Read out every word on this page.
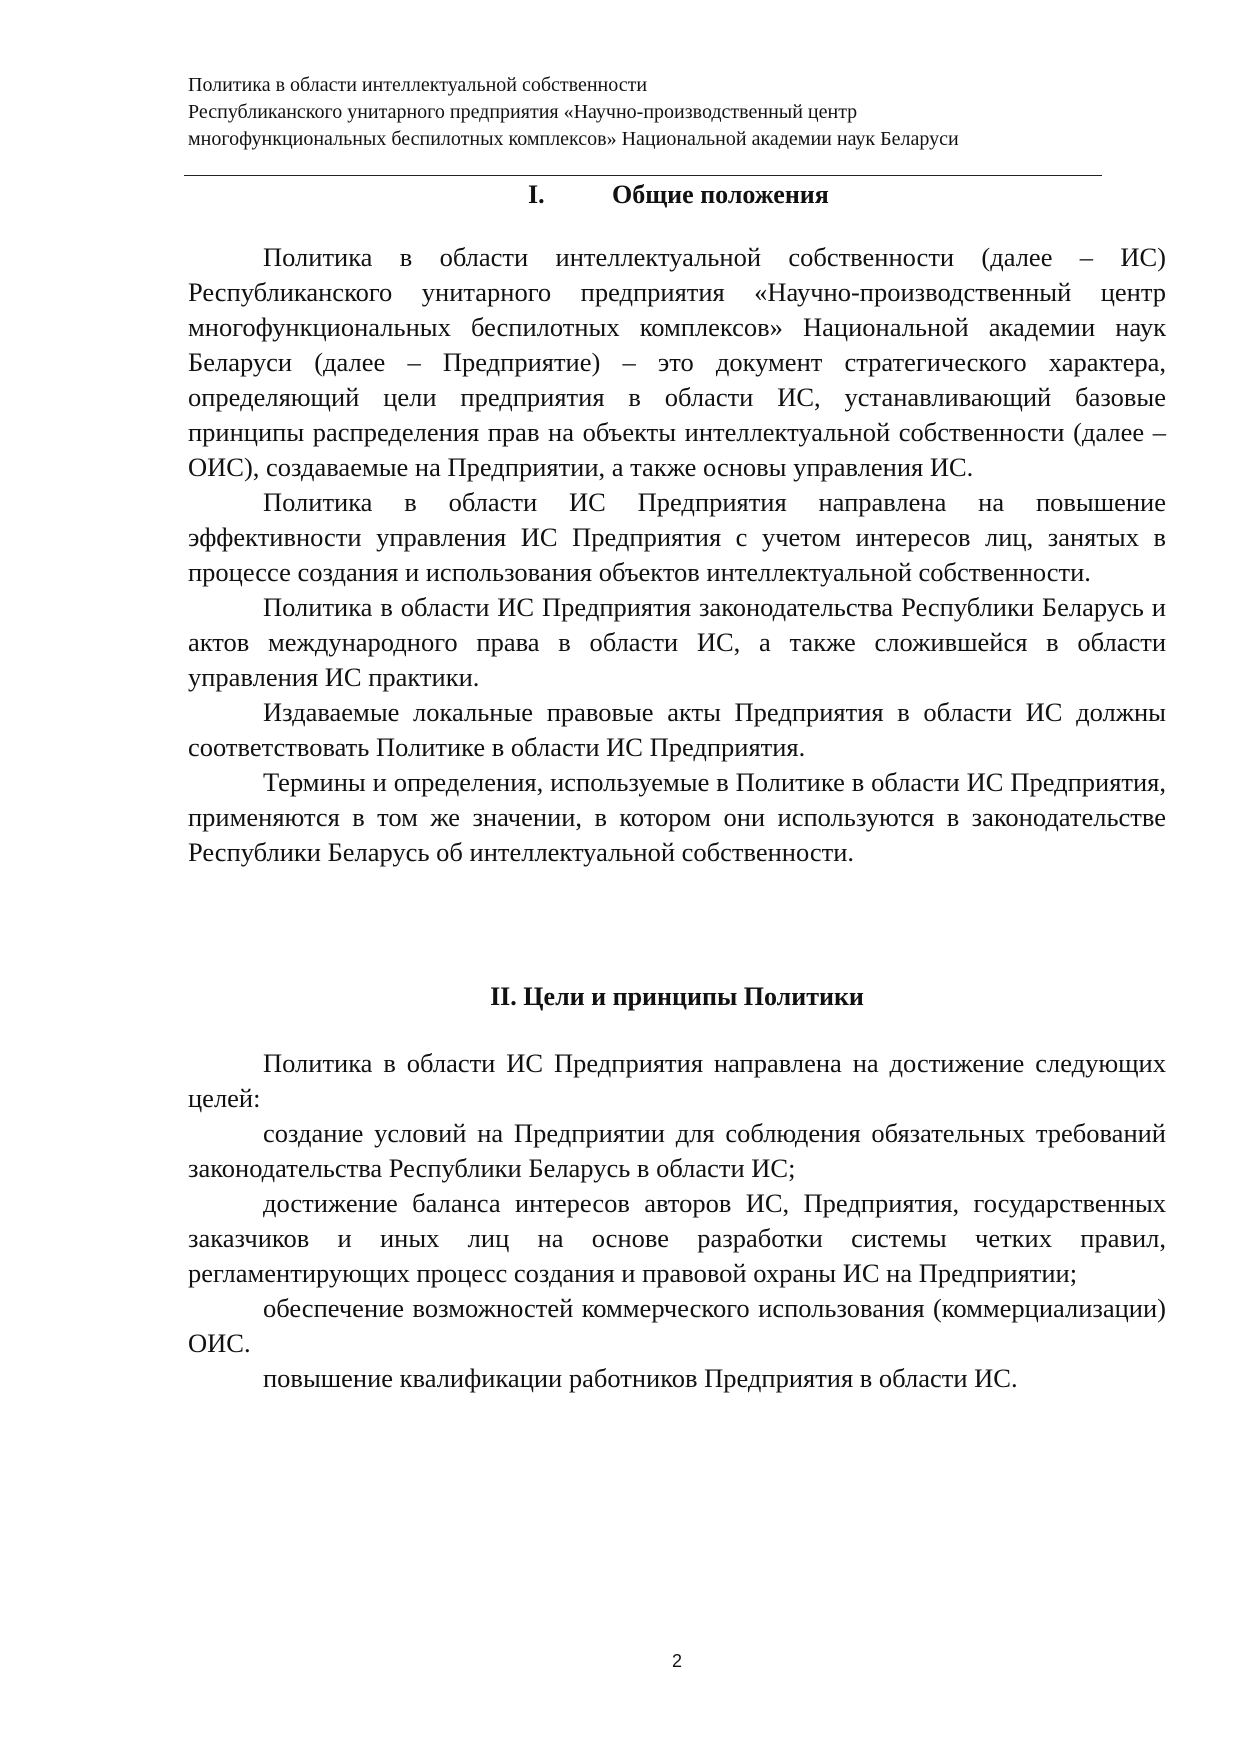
Политика в области интеллектуальной собственности
Республиканского унитарного предприятия «Научно-производственный центр
многофункциональных беспилотных комплексов» Национальной академии наук Беларуси
I.	Общие положения

Политика в области интеллектуальной собственности (далее – ИС) Республиканского унитарного предприятия «Научно-производственный центр многофункциональных беспилотных комплексов» Национальной академии наук Беларуси (далее – Предприятие) – это документ стратегического характера, определяющий цели предприятия в области ИС, устанавливающий базовые принципы распределения прав на объекты интеллектуальной собственности (далее – ОИС), создаваемые на Предприятии, а также основы управления ИС.

Политика в области ИС Предприятия направлена на повышение эффективности управления ИС Предприятия с учетом интересов лиц, занятых в процессе создания и использования объектов интеллектуальной собственности.

Политика в области ИС Предприятия законодательства Республики Беларусь и актов международного права в области ИС, а также сложившейся в области управления ИС практики.

Издаваемые локальные правовые акты Предприятия в области ИС должны соответствовать Политике в области ИС Предприятия.

Термины и определения, используемые в Политике в области ИС Предприятия, применяются в том же значении, в котором они используются в законодательстве Республики Беларусь об интеллектуальной собственности.

II. Цели и принципы Политики

Политика в области ИС Предприятия направлена на достижение следующих целей:

создание условий на Предприятии для соблюдения обязательных требований законодательства Республики Беларусь в области ИС;

достижение баланса интересов авторов ИС, Предприятия, государственных заказчиков и иных лиц на основе разработки системы четких правил, регламентирующих процесс создания и правовой охраны ИС на Предприятии;

обеспечение возможностей коммерческого использования (коммерциализации) ОИС.

повышение квалификации работников Предприятия в области ИС.

2
